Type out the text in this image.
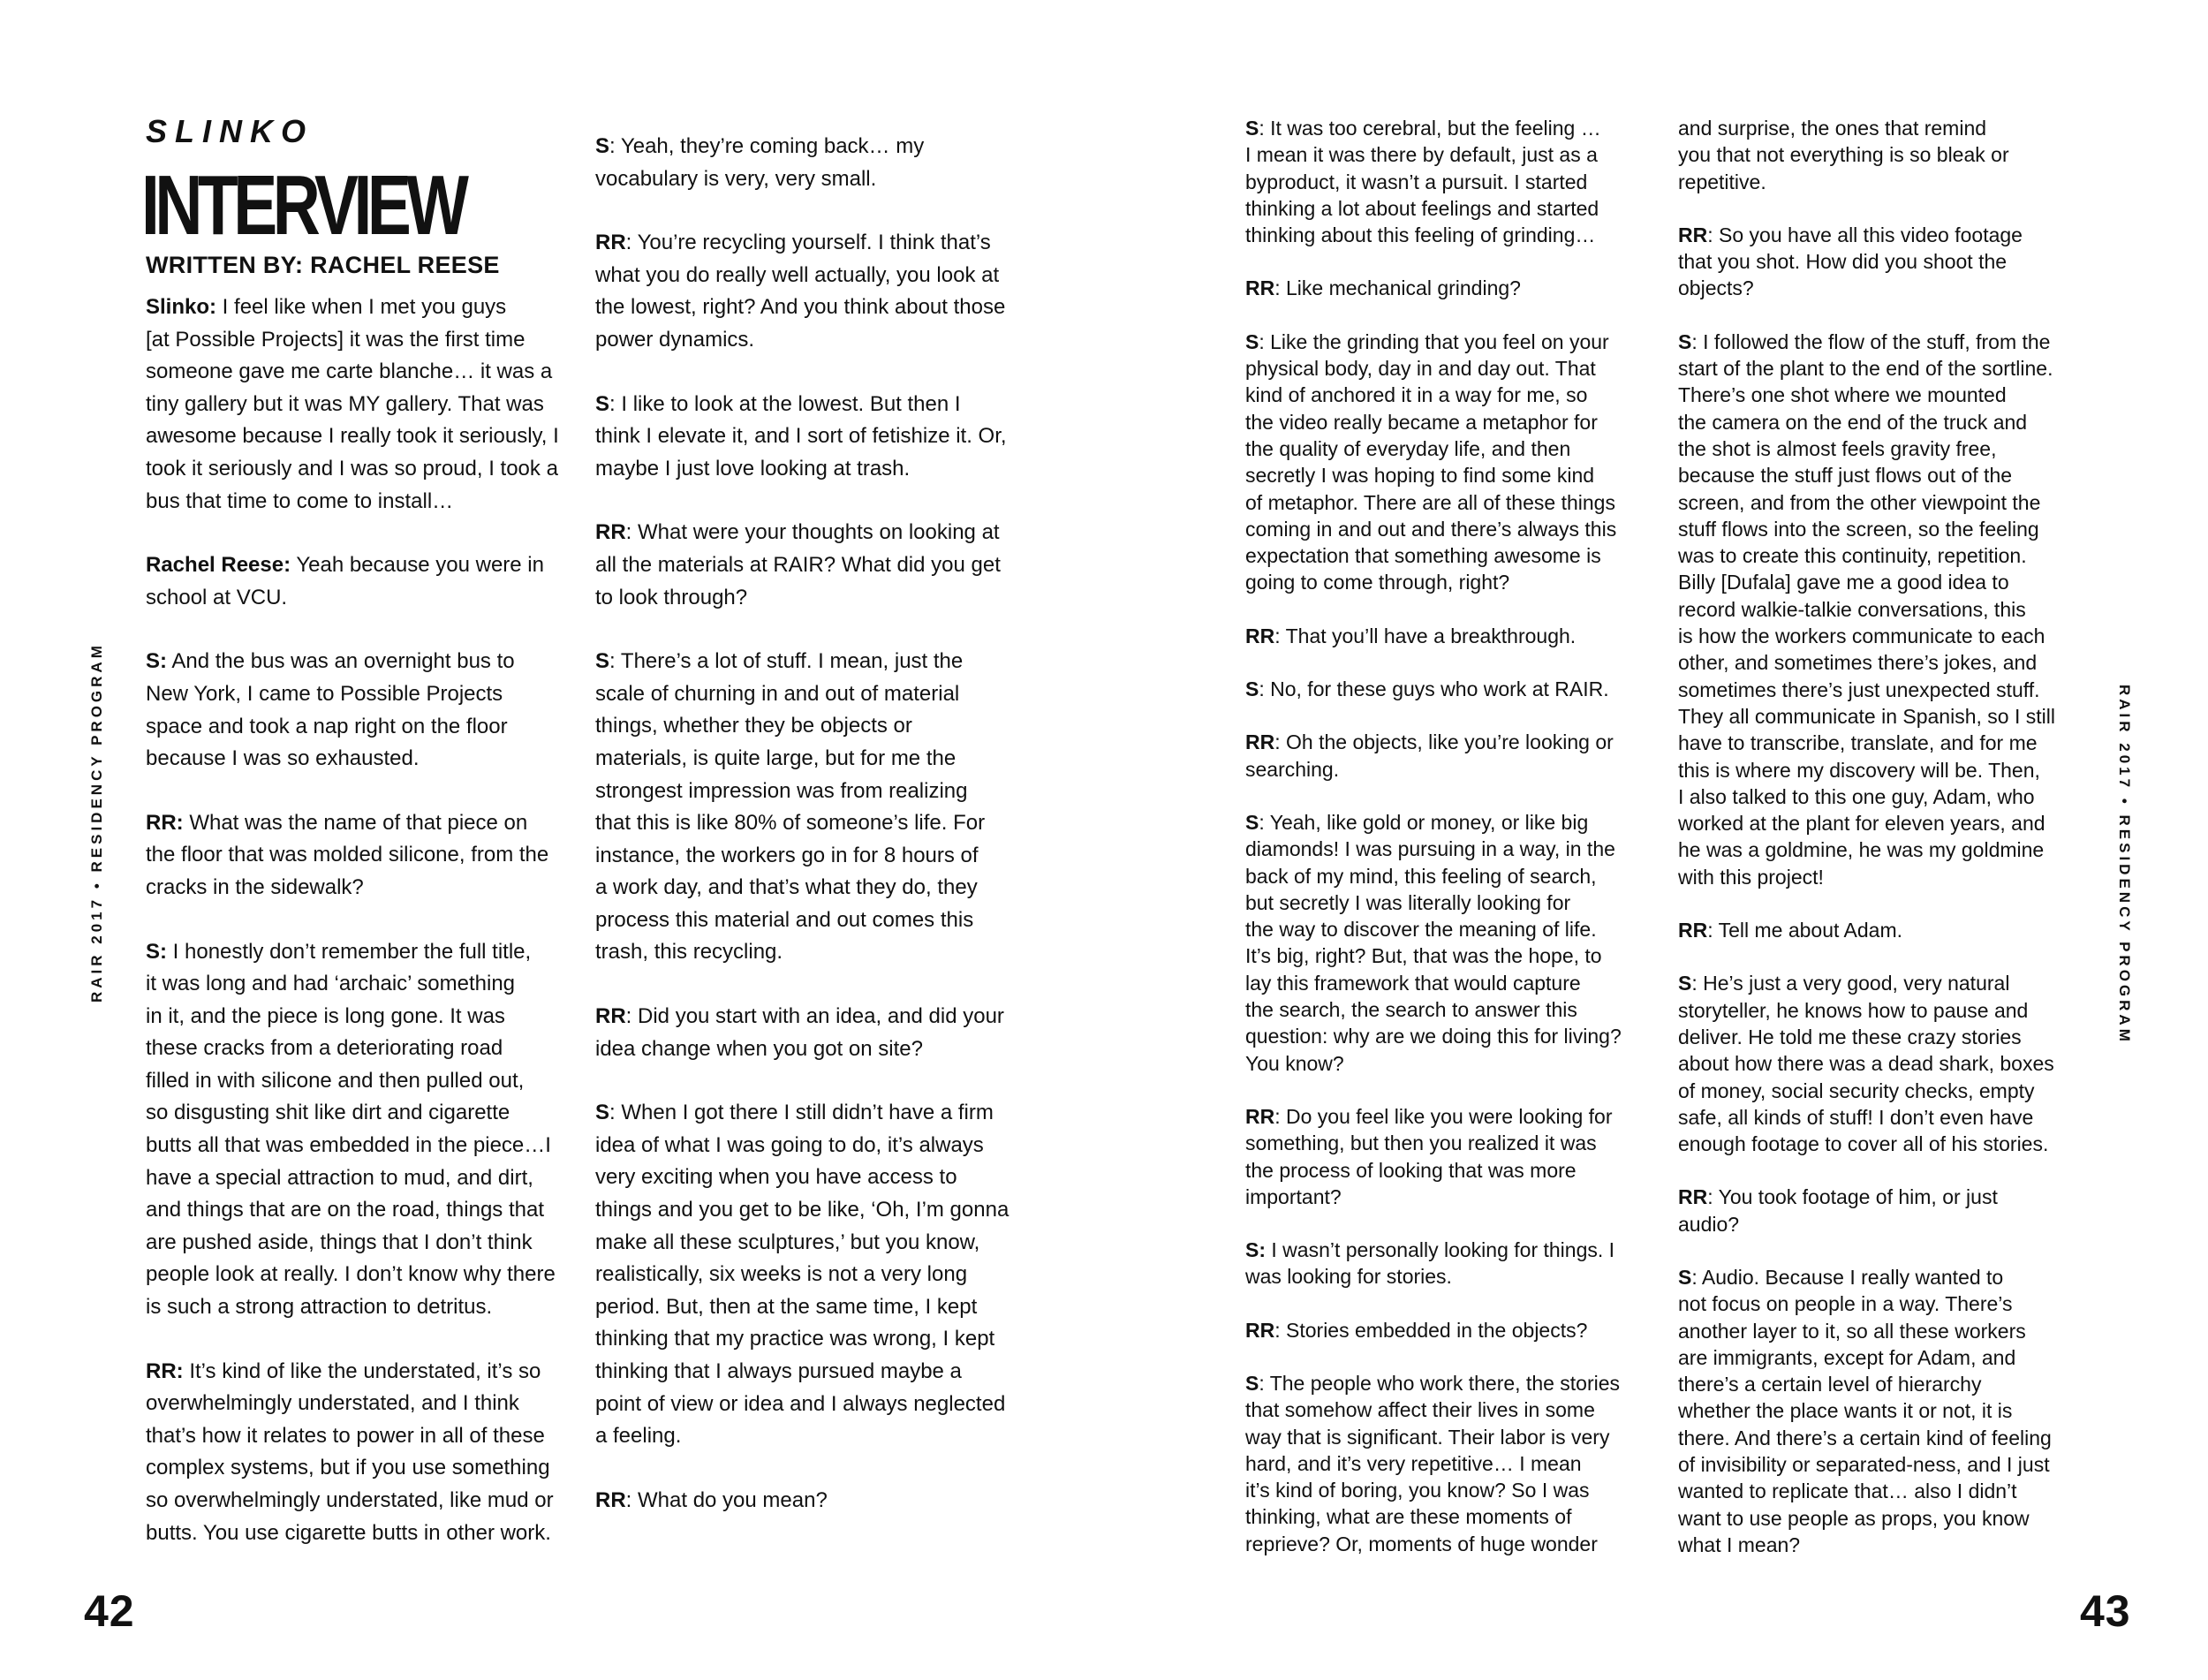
SLINKO

INTERVIEW

WRITTEN BY: RACHEL REESE

Slinko: I feel like when I met you guys
[at Possible Projects] it was the first time
someone gave me carte blanche… it was a
tiny gallery but it was MY gallery. That was
awesome because I really took it seriously, I
took it seriously and I was so proud, I took a
bus that time to come to install…

Rachel Reese: Yeah because you were in
school at VCU.

S: And the bus was an overnight bus to
New York, I came to Possible Projects
space and took a nap right on the floor
because I was so exhausted.

RR: What was the name of that piece on
the floor that was molded silicone, from the
cracks in the sidewalk?

S: I honestly don’t remember the full title,
it was long and had ‘archaic’ something
in it, and the piece is long gone. It was
these cracks from a deteriorating road
filled in with silicone and then pulled out,
so disgusting shit like dirt and cigarette
butts all that was embedded in the piece…I
have a special attraction to mud, and dirt,
and things that are on the road, things that
are pushed aside, things that I don’t think
people look at really. I don’t know why there
is such a strong attraction to detritus.

RR: It’s kind of like the understated, it’s so
overwhelmingly understated, and I think
that’s how it relates to power in all of these
complex systems, but if you use something
so overwhelmingly understated, like mud or
butts. You use cigarette butts in other work.

S: Yeah, they’re coming back… my
vocabulary is very, very small.

RR: You’re recycling yourself. I think that’s
what you do really well actually, you look at
the lowest, right? And you think about those
power dynamics.

S: I like to look at the lowest. But then I
think I elevate it, and I sort of fetishize it. Or,
maybe I just love looking at trash.

RR: What were your thoughts on looking at
all the materials at RAIR? What did you get
to look through?

S: There’s a lot of stuff. I mean, just the
scale of churning in and out of material
things, whether they be objects or
materials, is quite large, but for me the
strongest impression was from realizing
that this is like 80% of someone’s life. For
instance, the workers go in for 8 hours of
a work day, and that’s what they do, they
process this material and out comes this
trash, this recycling.

RR: Did you start with an idea, and did your
idea change when you got on site?

S: When I got there I still didn’t have a firm
idea of what I was going to do, it’s always
very exciting when you have access to
things and you get to be like, ‘Oh, I’m gonna
make all these sculptures,’ but you know,
realistically, six weeks is not a very long
period. But, then at the same time, I kept
thinking that my practice was wrong, I kept
thinking that I always pursued maybe a
point of view or idea and I always neglected
a feeling.

RR: What do you mean?

RAIR 2017 • RESIDENCY PROGRAM

42

S: It was too cerebral, but the feeling …
I mean it was there by default, just as a
byproduct, it wasn’t a pursuit. I started
thinking a lot about feelings and started
thinking about this feeling of grinding…

RR: Like mechanical grinding?

S: Like the grinding that you feel on your
physical body, day in and day out. That
kind of anchored it in a way for me, so
the video really became a metaphor for
the quality of everyday life, and then
secretly I was hoping to find some kind
of metaphor. There are all of these things
coming in and out and there’s always this
expectation that something awesome is
going to come through, right?

RR: That you’ll have a breakthrough.

S: No, for these guys who work at RAIR.

RR: Oh the objects, like you’re looking or
searching.

S: Yeah, like gold or money, or like big
diamonds! I was pursuing in a way, in the
back of my mind, this feeling of search,
but secretly I was literally looking for
the way to discover the meaning of life.
It’s big, right? But, that was the hope, to
lay this framework that would capture
the search, the search to answer this
question: why are we doing this for living?
You know?

RR: Do you feel like you were looking for
something, but then you realized it was
the process of looking that was more
important?

S: I wasn’t personally looking for things. I
was looking for stories.

RR: Stories embedded in the objects?

S: The people who work there, the stories
that somehow affect their lives in some
way that is significant. Their labor is very
hard, and it’s very repetitive… I mean
it’s kind of boring, you know? So I was
thinking, what are these moments of
reprieve? Or, moments of huge wonder

and surprise, the ones that remind
you that not everything is so bleak or
repetitive.

RR: So you have all this video footage
that you shot. How did you shoot the
objects?

S: I followed the flow of the stuff, from the
start of the plant to the end of the sortline.
There’s one shot where we mounted
the camera on the end of the truck and
the shot is almost feels gravity free,
because the stuff just flows out of the
screen, and from the other viewpoint the
stuff flows into the screen, so the feeling
was to create this continuity, repetition.
Billy [Dufala] gave me a good idea to
record walkie-talkie conversations, this
is how the workers communicate to each
other, and sometimes there’s jokes, and
sometimes there’s just unexpected stuff.
They all communicate in Spanish, so I still
have to transcribe, translate, and for me
this is where my discovery will be. Then,
I also talked to this one guy, Adam, who
worked at the plant for eleven years, and
he was a goldmine, he was my goldmine
with this project!

RR: Tell me about Adam.

S: He’s just a very good, very natural
storyteller, he knows how to pause and
deliver. He told me these crazy stories
about how there was a dead shark, boxes
of money, social security checks, empty
safe, all kinds of stuff! I don’t even have
enough footage to cover all of his stories.

RR: You took footage of him, or just
audio?

S: Audio. Because I really wanted to
not focus on people in a way. There’s
another layer to it, so all these workers
are immigrants, except for Adam, and
there’s a certain level of hierarchy
whether the place wants it or not, it is
there. And there’s a certain kind of feeling
of invisibility or separated-ness, and I just
wanted to replicate that… also I didn’t
want to use people as props, you know
what I mean?

RAIR 2017 • RESIDENCY PROGRAM

43
